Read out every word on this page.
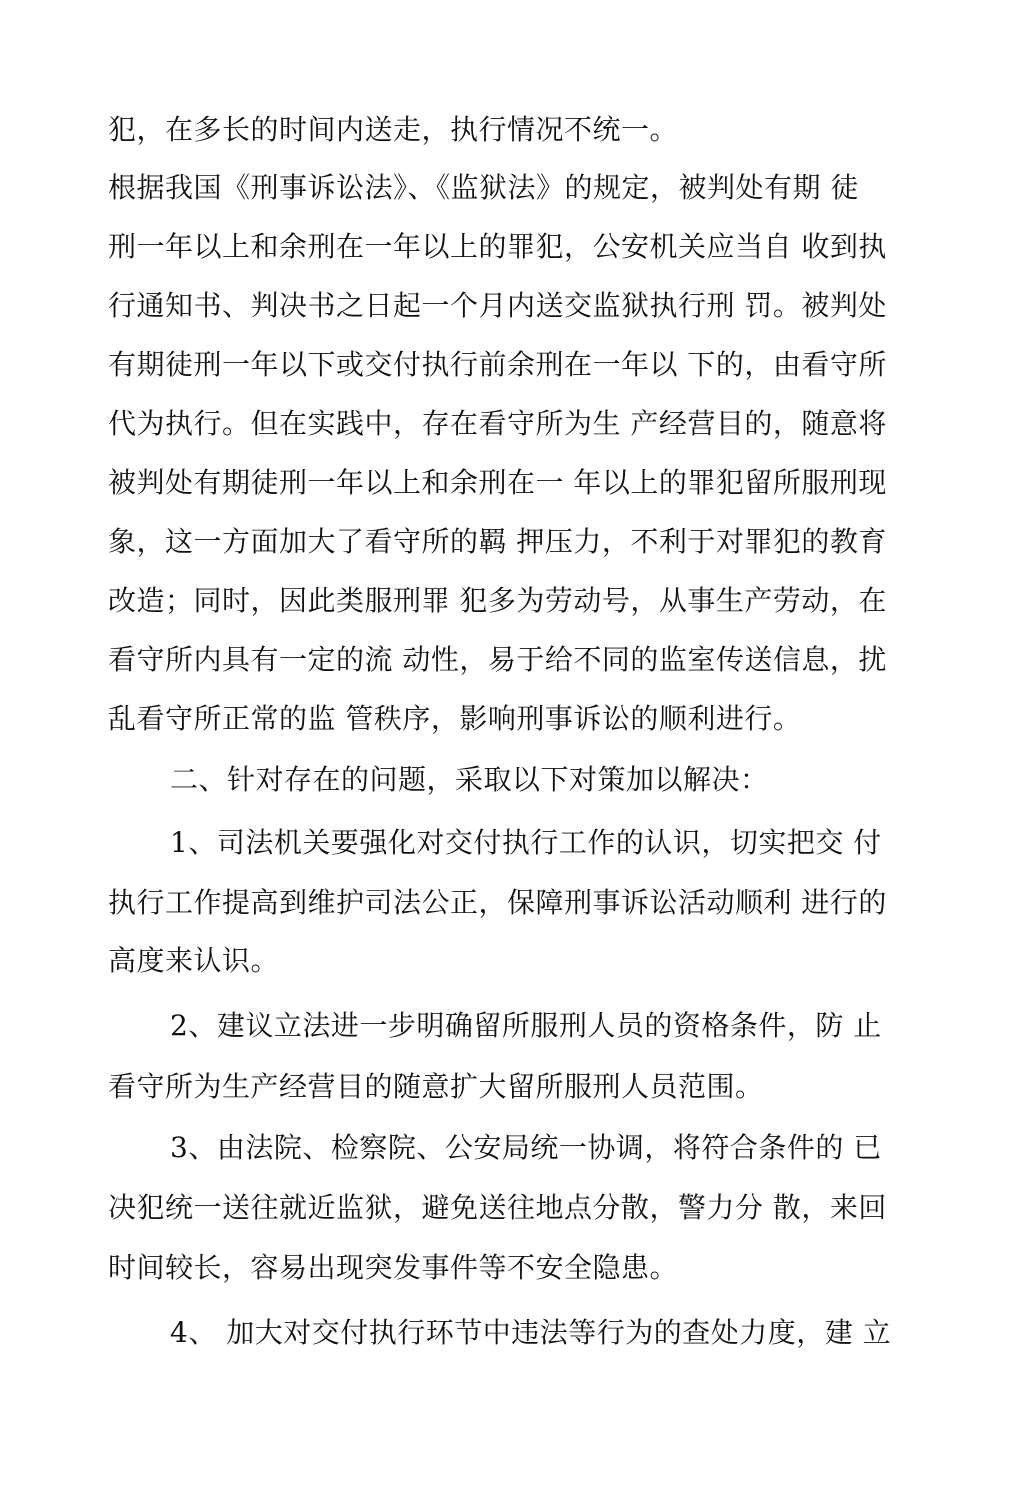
犯，在多长的时间内送走，执行情况不统一。
根据我国《刑事诉讼法》、《监狱法》的规定，被判处有期 徒
刑一年以上和余刑在一年以上的罪犯，公安机关应当自 收到执
行通知书、判决书之日起一个月内送交监狱执行刑 罚。被判处
有期徒刑一年以下或交付执行前余刑在一年以 下的，由看守所
代为执行。但在实践中，存在看守所为生 产经营目的，随意将
被判处有期徒刑一年以上和余刑在一 年以上的罪犯留所服刑现
象，这一方面加大了看守所的羁 押压力，不利于对罪犯的教育
改造；同时，因此类服刑罪 犯多为劳动号，从事生产劳动，在
看守所内具有一定的流 动性，易于给不同的监室传送信息，扰
乱看守所正常的监 管秩序，影响刑事诉讼的顺利进行。
二、针对存在的问题，采取以下对策加以解决：
1、司法机关要强化对交付执行工作的认识，切实把交 付
执行工作提高到维护司法公正，保障刑事诉讼活动顺利 进行的
高度来认识。
2、建议立法进一步明确留所服刑人员的资格条件，防 止
看守所为生产经营目的随意扩大留所服刑人员范围。
3、由法院、检察院、公安局统一协调，将符合条件的 已
决犯统一送往就近监狱，避免送往地点分散，警力分 散，来回
时间较长，容易出现突发事件等不安全隐患。
4、 加大对交付执行环节中违法等行为的查处力度，建 立
